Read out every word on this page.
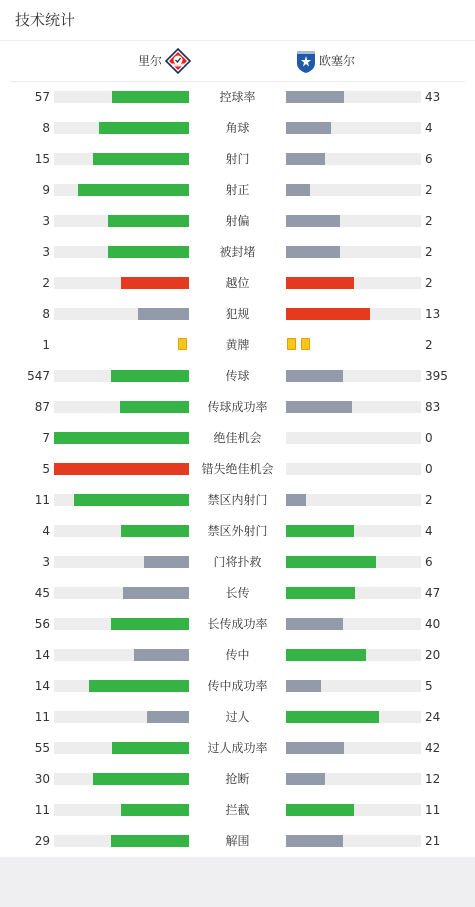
技术统计
里尔	欧塞尔
57	控球率	43
8	角球	4
15	射门	6
9	射正	2
3	射偏	2
3	被封堵	2
2	越位	2
8	犯规	13
1	黄牌	2
547	传球	395
87	传球成功率	83
7	绝佳机会	0
5	错失绝佳机会	0
11	禁区内射门	2
4	禁区外射门	4
3	门将扑救	6
45	长传	47
56	长传成功率	40
14	传中	20
14	传中成功率	5
11	过人	24
55	过人成功率	42
30	抢断	12
11	拦截	11
29	解围	21
